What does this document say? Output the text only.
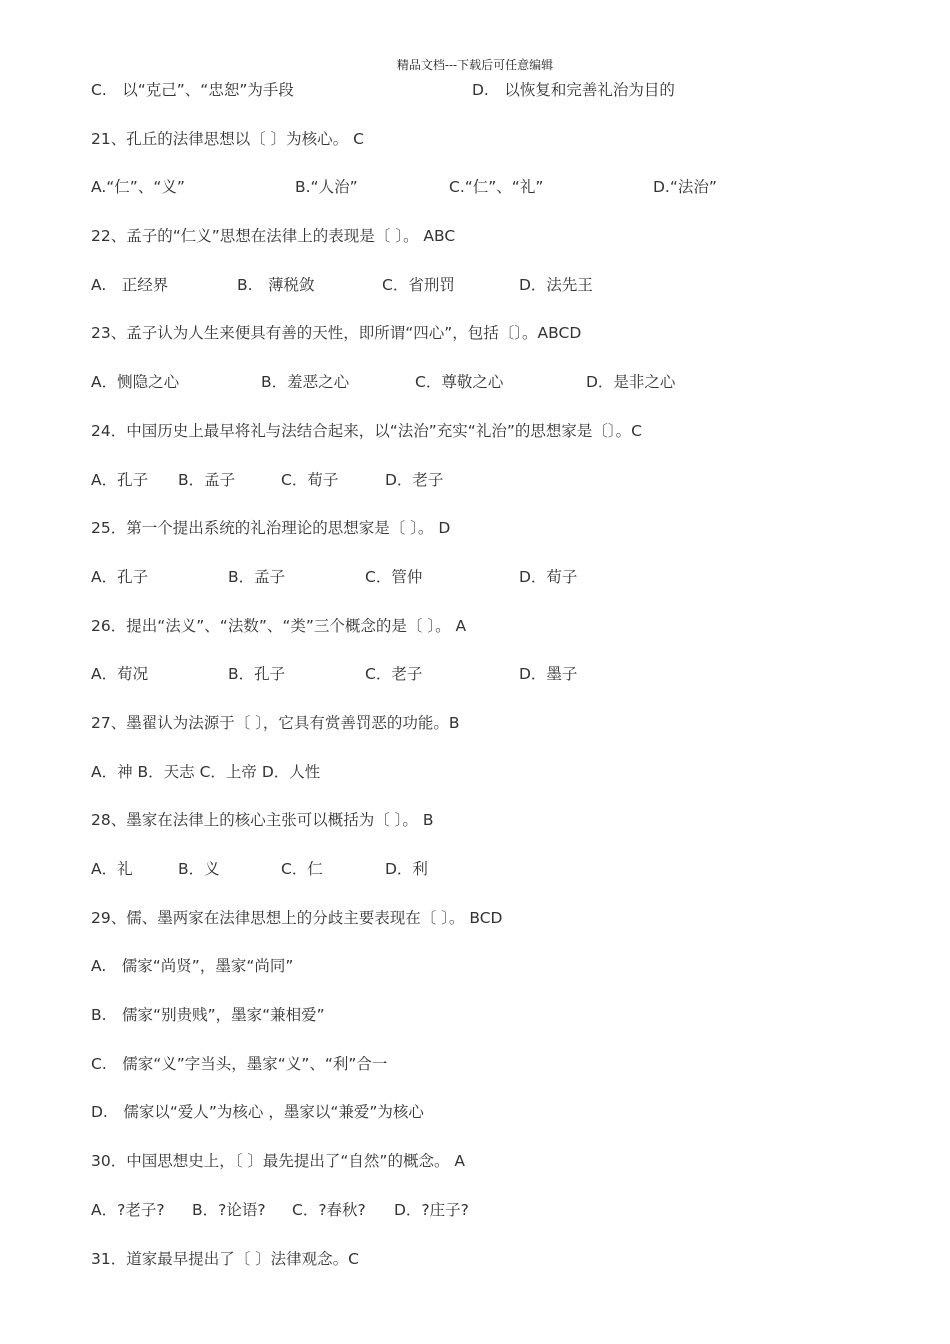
精品文档---下载后可任意编辑
C.　以“克己”、“忠恕”为手段	D.　以恢复和完善礼治为目的
21、孔丘的法律思想以〔 〕为核心。 C
A.“仁”、“义”	B.“人治”	C.“仁”、“礼”	D.“法治”
22、孟子的“仁义”思想在法律上的表现是〔 〕。 ABC
A.　正经界	B.　薄税敛	C．省刑罚	D．法先王
23、孟子认为人生来便具有善的天性，即所谓“四心”，包括〔〕。ABCD
A．恻隐之心	B．羞恶之心	C．尊敬之心	D．是非之心
24．中国历史上最早将礼与法结合起来，以“法治”充实“礼治”的思想家是〔〕。C
A．孔子 B．孟子	C．荀子	D．老子
25．第一个提出系统的礼治理论的思想家是〔 〕。 D
A．孔子	B．孟子	C．管仲	D．荀子
26．提出“法义”、“法数”、“类”三个概念的是〔 〕。 A
A．荀况	B．孔子	C．老子	D．墨子
27、墨翟认为法源于〔 〕，它具有赏善罚恶的功能。B
A．神 B．天志 C．上帝 D．人性
28、墨家在法律上的核心主张可以概括为〔 〕。 B
A．礼	B．义	C．仁	D．利
29、儒、墨两家在法律思想上的分歧主要表现在〔 〕。 BCD
A.　儒家“尚贤”，墨家“尚同”
B.　儒家“别贵贱”，墨家“兼相爱”
C.　儒家“义”字当头，墨家“义”、“利”合一
D.　儒家以“爱人”为核心 ，墨家以“兼爱”为核心
30．中国思想史上，〔 〕最先提出了“自然”的概念。 A
A．?老子? B．?论语? C．?春秋? D．?庄子?
31．道家最早提出了〔 〕法律观念。C
